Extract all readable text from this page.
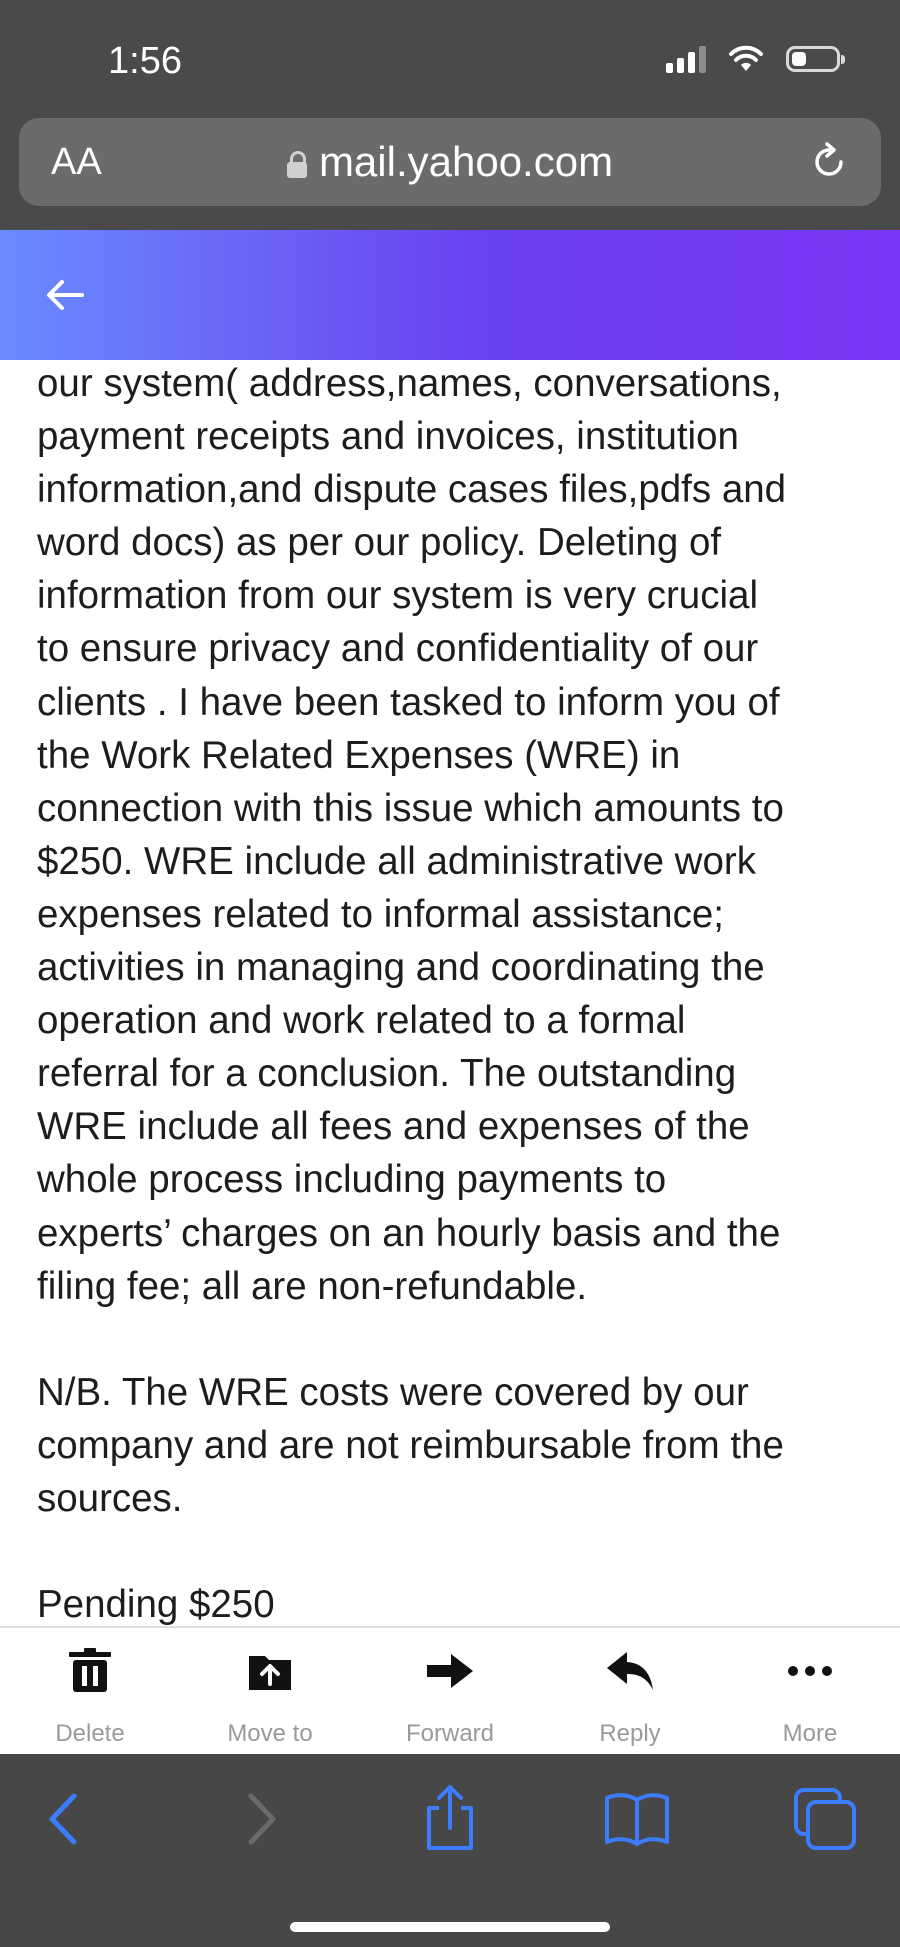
1:56
AA	mail.yahoo.com

our system( address,names, conversations,
payment receipts and invoices, institution
information,and dispute cases files,pdfs and
word docs) as per our policy. Deleting of
information from our system is very crucial
to ensure privacy and confidentiality of our
clients . I have been tasked to inform you of
the Work Related Expenses (WRE) in
connection with this issue which amounts to
$250. WRE include all administrative work
expenses related to informal assistance;
activities in managing and coordinating the
operation and work related to a formal
referral for a conclusion. The outstanding
WRE include all fees and expenses of the
whole process including payments to
experts’ charges on an hourly basis and the
filing fee; all are non-refundable.

N/B. The WRE costs were covered by our
company and are not reimbursable from the
sources.

Pending $250

Delete	Move to	Forward	Reply	More
